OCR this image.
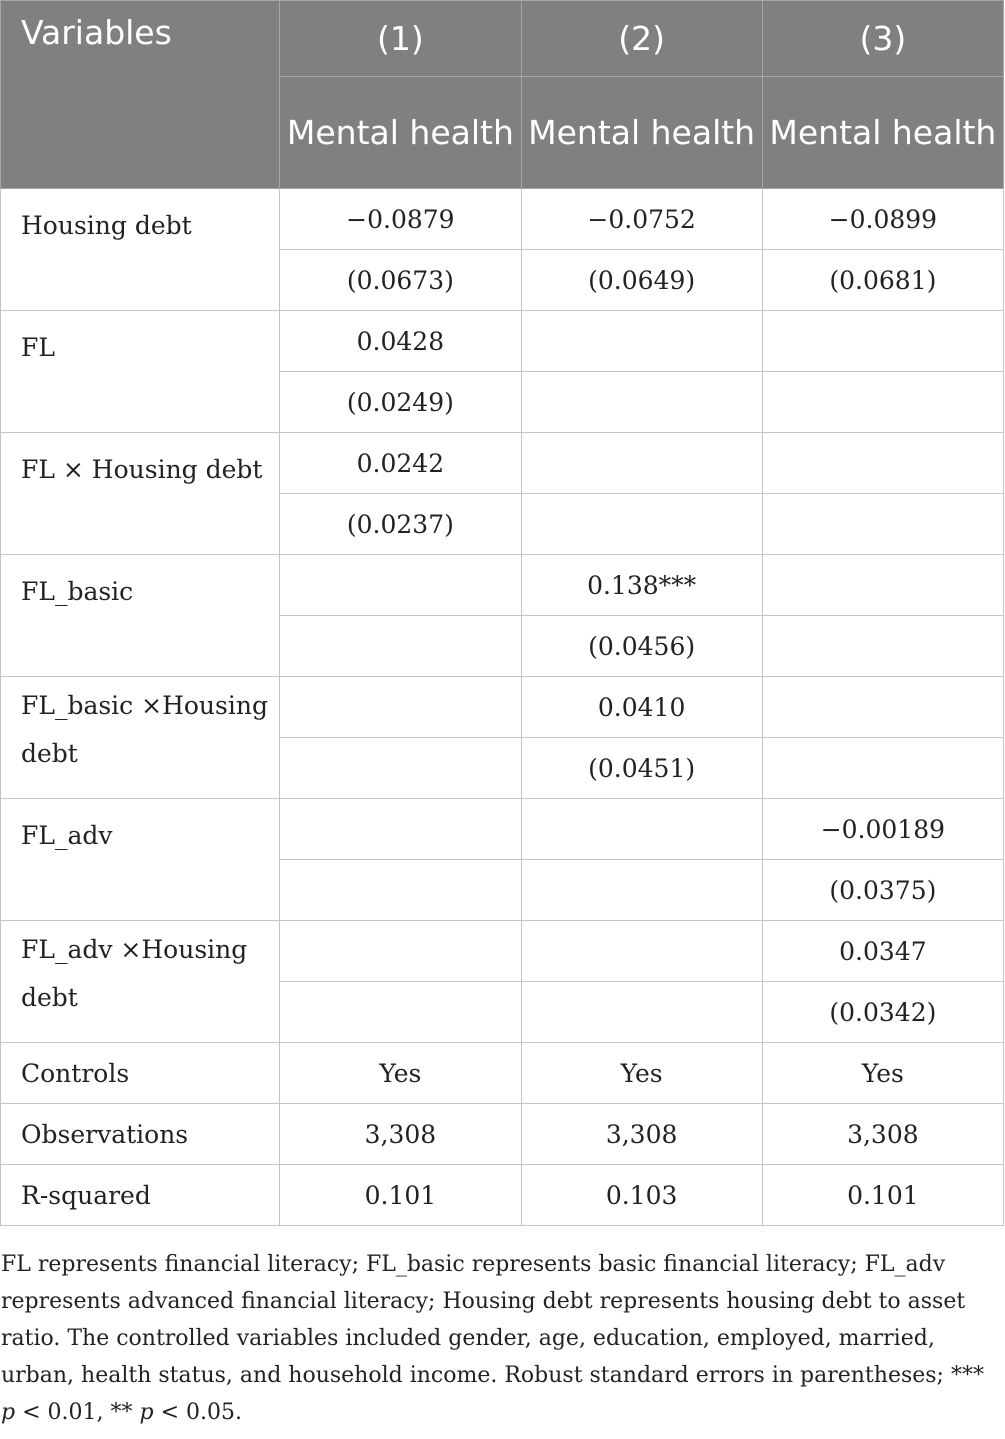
Variables	(1)	(2)	(3)
	Mental health	Mental health	Mental health
Housing debt	−0.0879	−0.0752	−0.0899
	(0.0673)	(0.0649)	(0.0681)
FL	0.0428		
	(0.0249)		
FL × Housing debt	0.0242		
	(0.0237)		
FL_basic		0.138***	
		(0.0456)	
FL_basic ×Housing debt		0.0410	
		(0.0451)	
FL_adv			−0.00189
			(0.0375)
FL_adv ×Housing debt			0.0347
			(0.0342)
Controls	Yes	Yes	Yes
Observations	3,308	3,308	3,308
R-squared	0.101	0.103	0.101
FL represents financial literacy; FL_basic represents basic financial literacy; FL_adv represents advanced financial literacy; Housing debt represents housing debt to asset ratio. The controlled variables included gender, age, education, employed, married, urban, health status, and household income. Robust standard errors in parentheses; *** p < 0.01, ** p < 0.05.
